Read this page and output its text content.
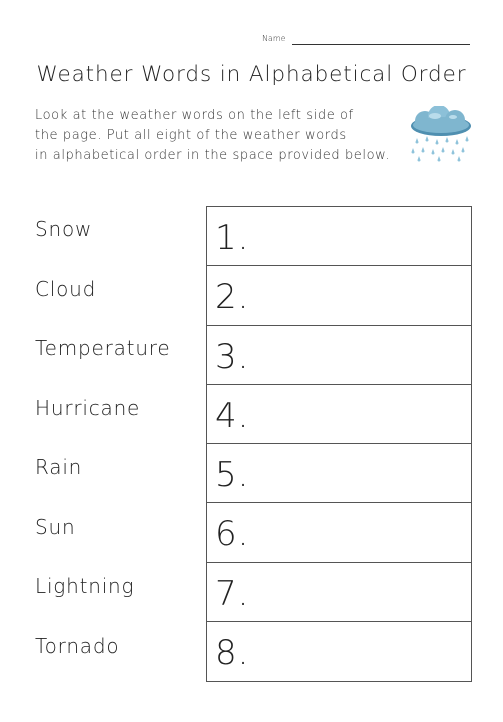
Name
Weather Words in Alphabetical Order

Look at the weather words on the left side of

the page. Put all eight of the weather words

in alphabetical order in the space provided below.

Snow
Cloud
Temperature
Hurricane
Rain
Sun
Lightning
Tornado
1.
2.
3.
4.
5.
6.
7.
8.
